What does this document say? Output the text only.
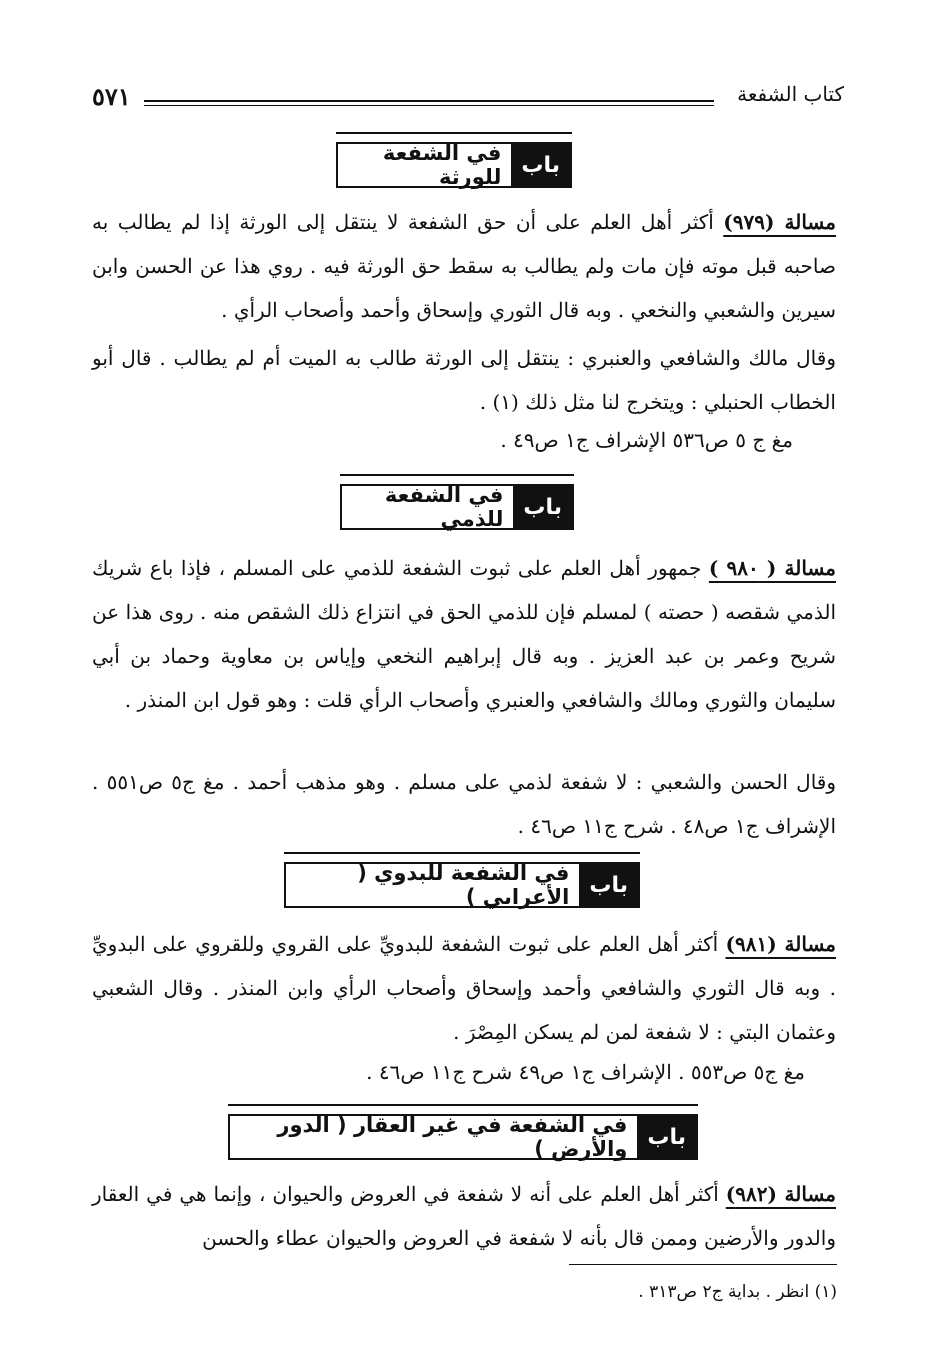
٥٧١	كتاب الشفعة
باب
في الشفعة للورثة
مسالة (٩٧٩) أكثر أهل العلم على أن حق الشفعة لا ينتقل إلى الورثة إذا لم يطالب به صاحبه قبل موته فإن مات ولم يطالب به سقط حق الورثة فيه . روي هذا عن الحسن وابن سيرين والشعبي والنخعي . وبه قال الثوري وإسحاق وأحمد وأصحاب الرأي .
وقال مالك والشافعي والعنبري : ينتقل إلى الورثة طالب به الميت أم لم يطالب . قال أبو الخطاب الحنبلي : ويتخرج لنا مثل ذلك (١) .
مغ ج ٥ ص٥٣٦ الإشراف ج١ ص٤٩ .
باب
في الشفعة للذمي
مسالة ( ٩٨٠ ) جمهور أهل العلم على ثبوت الشفعة للذمي على المسلم ، فإذا باع شريك الذمي شقصه ( حصته ) لمسلم فإن للذمي الحق في انتزاع ذلك الشقص منه . روى هذا عن شريح وعمر بن عبد العزيز . وبه قال إبراهيم النخعي وإياس بن معاوية وحماد بن أبي سليمان والثوري ومالك والشافعي والعنبري وأصحاب الرأي قلت : وهو قول ابن المنذر .
وقال الحسن والشعبي : لا شفعة لذمي على مسلم . وهو مذهب أحمد . مغ ج٥ ص٥٥١ . الإشراف ج١ ص٤٨ . شرح ج١١ ص٤٦ .
باب
في الشفعة للبدوي ( الأعرابي )
مسالة (٩٨١) أكثر أهل العلم على ثبوت الشفعة للبدويِّ على القروي وللقروي على البدويِّ . وبه قال الثوري والشافعي وأحمد وإسحاق وأصحاب الرأي وابن المنذر . وقال الشعبي وعثمان البتي : لا شفعة لمن لم يسكن المِصْرَ .
مغ ج٥ ص٥٥٣ . الإشراف ج١ ص٤٩ شرح ج١١ ص٤٦ .
باب
في الشفعة في غير العقار ( الدور والأرض )
مسالة (٩٨٢) أكثر أهل العلم على أنه لا شفعة في العروض والحيوان ، وإنما هي في العقار والدور والأرضين وممن قال بأنه لا شفعة في العروض والحيوان عطاء والحسن
(١) انظر . بداية ج٢ ص٣١٣ .
